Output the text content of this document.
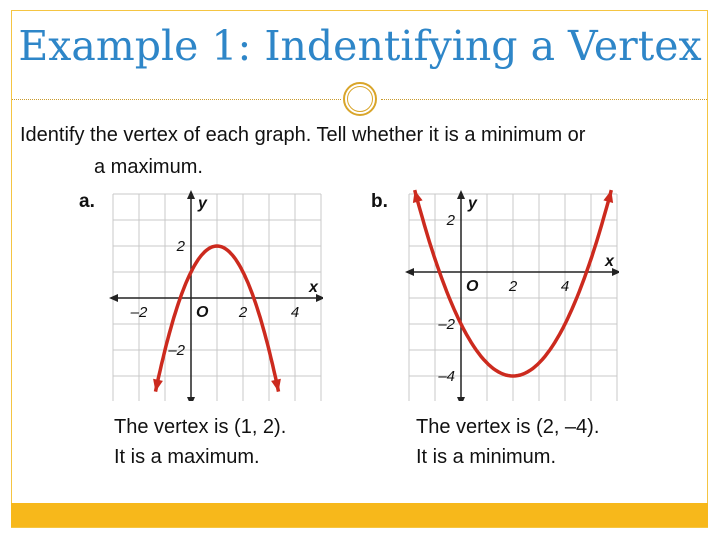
Example 1: Indentifying a Vertex
Identify the vertex of each graph. Tell whether it is a minimum or
a maximum.
a.
x
y
O
–2	2	4
2
–2
b.
x
y
O 2	4
2
–2
–4
The vertex is (1, 2).
It is a maximum.
The vertex is (2, –4).
It is a minimum.
